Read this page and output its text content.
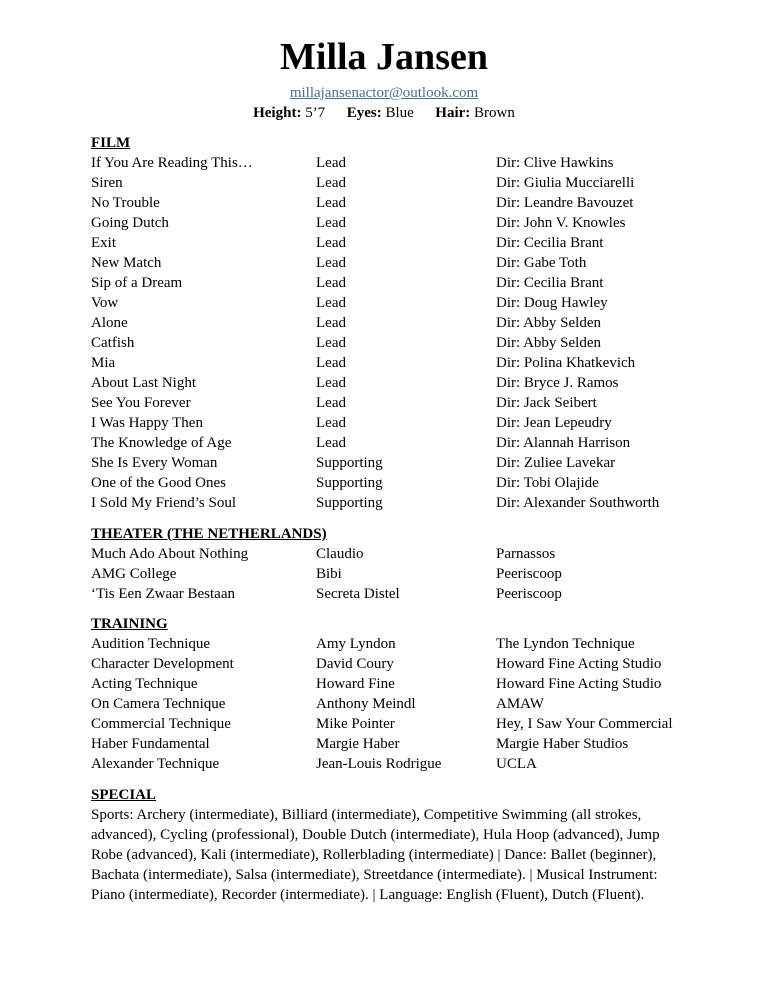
Milla Jansen
millajansenactor@outlook.com
Height: 5’7 Eyes: Blue Hair: Brown
FILM
If You Are Reading This…	Lead	Dir: Clive Hawkins
Siren	Lead	Dir: Giulia Mucciarelli
No Trouble	Lead	Dir: Leandre Bavouzet
Going Dutch	Lead	Dir: John V. Knowles
Exit	Lead	Dir: Cecilia Brant
New Match	Lead	Dir: Gabe Toth
Sip of a Dream	Lead	Dir: Cecilia Brant
Vow	Lead	Dir: Doug Hawley
Alone	Lead	Dir: Abby Selden
Catfish	Lead	Dir: Abby Selden
Mia	Lead	Dir: Polina Khatkevich
About Last Night	Lead	Dir: Bryce J. Ramos
See You Forever	Lead	Dir: Jack Seibert
I Was Happy Then	Lead	Dir: Jean Lepeudry
The Knowledge of Age	Lead	Dir: Alannah Harrison
She Is Every Woman	Supporting	Dir: Zuliee Lavekar
One of the Good Ones	Supporting	Dir: Tobi Olajide
I Sold My Friend’s Soul	Supporting	Dir: Alexander Southworth
THEATER (THE NETHERLANDS)
Much Ado About Nothing	Claudio	Parnassos
AMG College	Bibi	Peeriscoop
‘Tis Een Zwaar Bestaan	Secreta Distel	Peeriscoop
TRAINING
Audition Technique	Amy Lyndon	The Lyndon Technique
Character Development	David Coury	Howard Fine Acting Studio
Acting Technique	Howard Fine	Howard Fine Acting Studio
On Camera Technique	Anthony Meindl	AMAW
Commercial Technique	Mike Pointer	Hey, I Saw Your Commercial
Haber Fundamental	Margie Haber	Margie Haber Studios
Alexander Technique	Jean-Louis Rodrigue	UCLA
SPECIAL
Sports: Archery (intermediate), Billiard (intermediate), Competitive Swimming (all strokes,
advanced), Cycling (professional), Double Dutch (intermediate), Hula Hoop (advanced), Jump
Robe (advanced), Kali (intermediate), Rollerblading (intermediate) | Dance: Ballet (beginner),
Bachata (intermediate), Salsa (intermediate), Streetdance (intermediate). | Musical Instrument:
Piano (intermediate), Recorder (intermediate). | Language: English (Fluent), Dutch (Fluent).
